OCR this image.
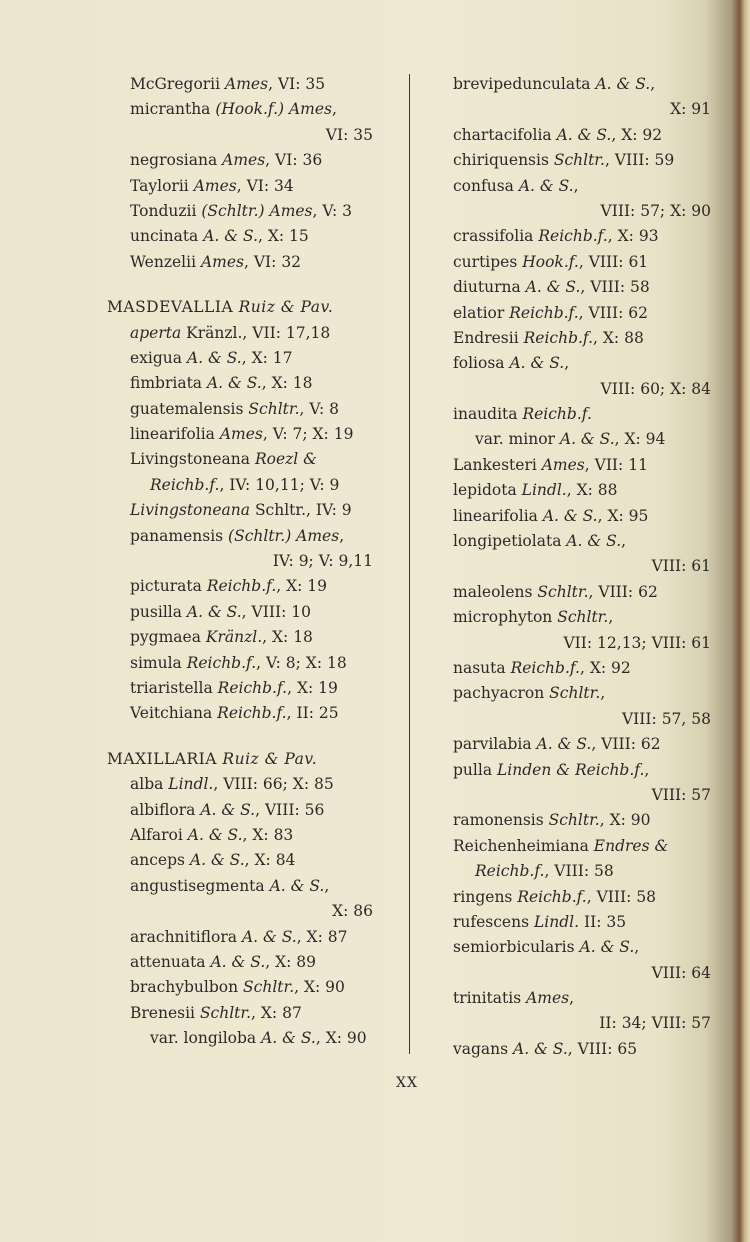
McGregorii Ames, VI: 35
micrantha (Hook.f.) Ames,
VI: 35
negrosiana Ames, VI: 36
Taylorii Ames, VI: 34
Tonduzii (Schltr.) Ames, V: 3
uncinata A. & S., X: 15
Wenzelii Ames, VI: 32
MASDEVALLIA Ruiz & Pav.
aperta Kränzl., VII: 17,18
exigua A. & S., X: 17
fimbriata A. & S., X: 18
guatemalensis Schltr., V: 8
linearifolia Ames, V: 7; X: 19
Livingstoneana Roezl &
Reichb.f., IV: 10,11; V: 9
Livingstoneana Schltr., IV: 9
panamensis (Schltr.) Ames,
IV: 9; V: 9,11
picturata Reichb.f., X: 19
pusilla A. & S., VIII: 10
pygmaea Kränzl., X: 18
simula Reichb.f., V: 8; X: 18
triaristella Reichb.f., X: 19
Veitchiana Reichb.f., II: 25
MAXILLARIA Ruiz & Pav.
alba Lindl., VIII: 66; X: 85
albiflora A. & S., VIII: 56
Alfaroi A. & S., X: 83
anceps A. & S., X: 84
angustisegmenta A. & S.,
X: 86
arachnitiflora A. & S., X: 87
attenuata A. & S., X: 89
brachybulbon Schltr., X: 90
Brenesii Schltr., X: 87
var. longiloba A. & S., X: 90
brevipedunculata A. & S.,
X: 91
chartacifolia A. & S., X: 92
chiriquensis Schltr., VIII: 59
confusa A. & S.,
VIII: 57; X: 90
crassifolia Reichb.f., X: 93
curtipes Hook.f., VIII: 61
diuturna A. & S., VIII: 58
elatior Reichb.f., VIII: 62
Endresii Reichb.f., X: 88
foliosa A. & S.,
VIII: 60; X: 84
inaudita Reichb.f.
var. minor A. & S., X: 94
Lankesteri Ames, VII: 11
lepidota Lindl., X: 88
linearifolia A. & S., X: 95
longipetiolata A. & S.,
VIII: 61
maleolens Schltr., VIII: 62
microphyton Schltr.,
VII: 12,13; VIII: 61
nasuta Reichb.f., X: 92
pachyacron Schltr.,
VIII: 57, 58
parvilabia A. & S., VIII: 62
pulla Linden & Reichb.f.,
VIII: 57
ramonensis Schltr., X: 90
Reichenheimiana Endres &
Reichb.f., VIII: 58
ringens Reichb.f., VIII: 58
rufescens Lindl. II: 35
semiorbicularis A. & S.,
VIII: 64
trinitatis Ames,
II: 34; VIII: 57
vagans A. & S., VIII: 65
XX
